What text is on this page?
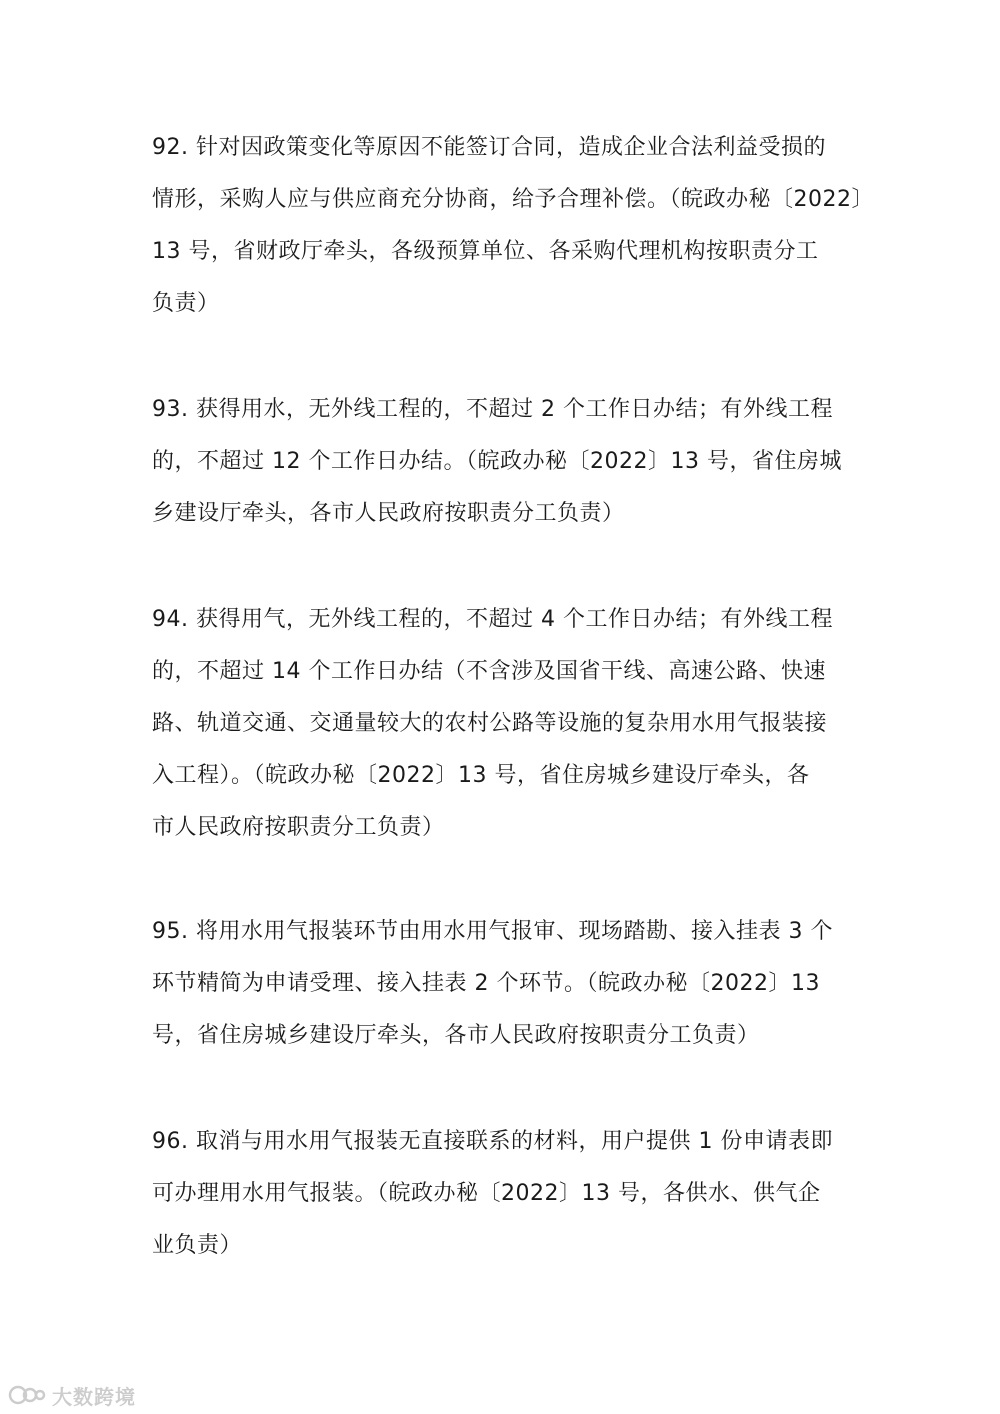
92. 针对因政策变化等原因不能签订合同，造成企业合法利益受损的
情形，采购人应与供应商充分协商，给予合理补偿。（皖政办秘〔2022〕
13 号，省财政厅牵头，各级预算单位、各采购代理机构按职责分工
负责）
93. 获得用水，无外线工程的，不超过 2 个工作日办结；有外线工程
的，不超过 12 个工作日办结。（皖政办秘〔2022〕13 号，省住房城
乡建设厅牵头，各市人民政府按职责分工负责）
94. 获得用气，无外线工程的，不超过 4 个工作日办结；有外线工程
的，不超过 14 个工作日办结（不含涉及国省干线、高速公路、快速
路、轨道交通、交通量较大的农村公路等设施的复杂用水用气报装接
入工程）。（皖政办秘〔2022〕13 号，省住房城乡建设厅牵头，各
市人民政府按职责分工负责）
95. 将用水用气报装环节由用水用气报审、现场踏勘、接入挂表 3 个
环节精简为申请受理、接入挂表 2 个环节。（皖政办秘〔2022〕13
号，省住房城乡建设厅牵头，各市人民政府按职责分工负责）
96. 取消与用水用气报装无直接联系的材料，用户提供 1 份申请表即
可办理用水用气报装。（皖政办秘〔2022〕13 号，各供水、供气企
业负责）
大数跨境
